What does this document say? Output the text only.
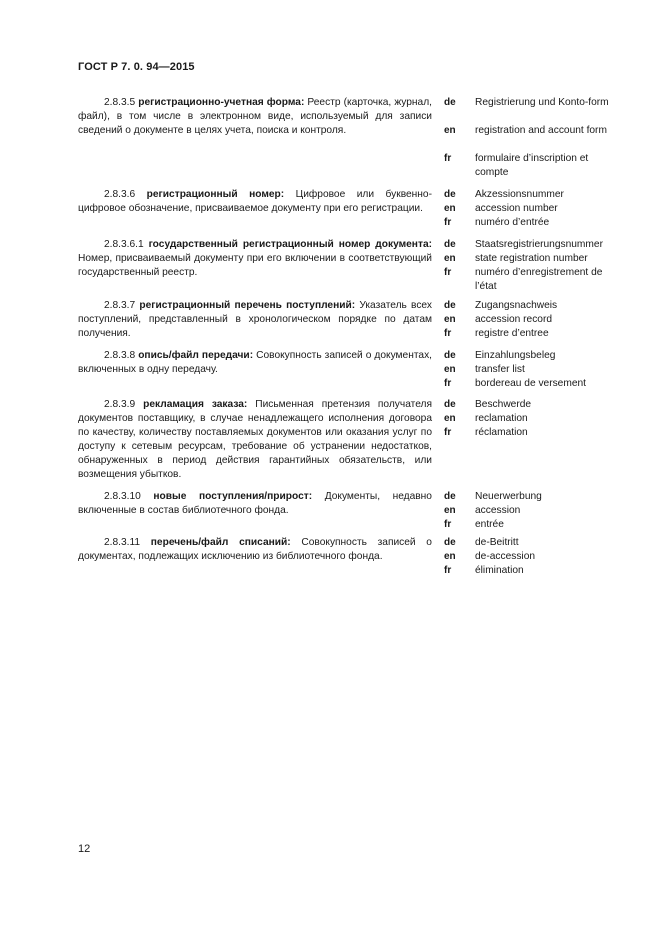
ГОСТ Р 7. 0. 94—2015
2.8.3.5 регистрационно-учетная форма: Реестр (карточка, журнал, файл), в том числе в электронном виде, используемый для записи сведений о документе в целях учета, поиска и контроля.
de	Registrierung und Konto-form
en	registration and account form
fr	formulaire d’inscription et compte
2.8.3.6 регистрационный номер: Цифровое или буквенно-цифровое обозначение, присваиваемое документу при его регистрации.
de	Akzessionsnummer
en	accession number
fr	numéro d’entrée
2.8.3.6.1 государственный регистрационный номер документа: Номер, присваиваемый документу при его включении в соответствующий государственный реестр.
de	Staatsregistrierungsnummer
en	state registration number
fr	numéro d’enregistrement de l’état
2.8.3.7 регистрационный перечень поступлений: Указатель всех поступлений, представленный в хронологическом порядке по датам получения.
de	Zugangsnachweis
en	accession record
fr	registre d’entree
2.8.3.8 опись/файл передачи: Совокупность записей о документах, включенных в одну передачу.
de	Einzahlungsbeleg
en	transfer list
fr	bordereau de versement
2.8.3.9 рекламация заказа: Письменная претензия получателя документов поставщику, в случае ненадлежащего исполнения договора по качеству, количеству поставляемых документов или оказания услуг по доступу к сетевым ресурсам, требование об устранении недостатков, обнаруженных в период действия гарантийных обязательств, или возмещения убытков.
de	Beschwerde
en	reclamation
fr	réclamation
2.8.3.10 новые поступления/прирост: Документы, недавно включенные в состав библиотечного фонда.
de	Neuerwerbung
en	accession
fr	entrée
2.8.3.11 перечень/файл списаний: Совокупность записей о документах, подлежащих исключению из библиотечного фонда.
de	de-Beitritt
en	de-accession
fr	élimination
12
